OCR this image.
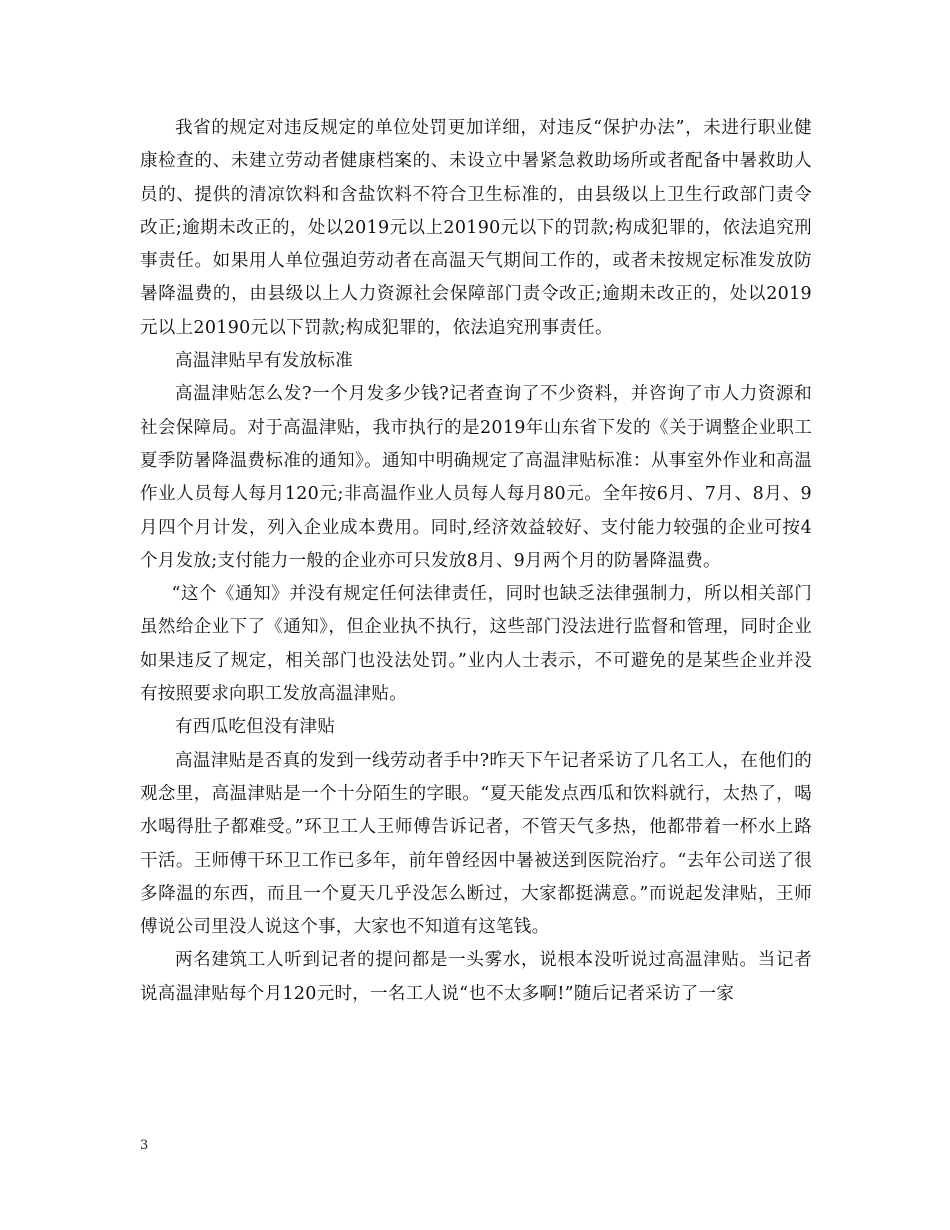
我省的规定对违反规定的单位处罚更加详细，对违反“保护办法”，未进行职业健康检查的、未建立劳动者健康档案的、未设立中暑紧急救助场所或者配备中暑救助人员的、提供的清凉饮料和含盐饮料不符合卫生标准的，由县级以上卫生行政部门责令改正;逾期未改正的，处以2019元以上20190元以下的罚款;构成犯罪的，依法追究刑事责任。如果用人单位强迫劳动者在高温天气期间工作的，或者未按规定标准发放防暑降温费的，由县级以上人力资源社会保障部门责令改正;逾期未改正的，处以2019元以上20190元以下罚款;构成犯罪的，依法追究刑事责任。

高温津贴早有发放标准

高温津贴怎么发?一个月发多少钱?记者查询了不少资料，并咨询了市人力资源和社会保障局。对于高温津贴，我市执行的是2019年山东省下发的《关于调整企业职工夏季防暑降温费标准的通知》。通知中明确规定了高温津贴标准：从事室外作业和高温作业人员每人每月120元;非高温作业人员每人每月80元。全年按6月、7月、8月、9月四个月计发，列入企业成本费用。同时,经济效益较好、支付能力较强的企业可按4个月发放;支付能力一般的企业亦可只发放8月、9月两个月的防暑降温费。

“这个《通知》并没有规定任何法律责任，同时也缺乏法律强制力，所以相关部门虽然给企业下了《通知》，但企业执不执行，这些部门没法进行监督和管理，同时企业如果违反了规定，相关部门也没法处罚。”业内人士表示，不可避免的是某些企业并没有按照要求向职工发放高温津贴。

有西瓜吃但没有津贴

高温津贴是否真的发到一线劳动者手中?昨天下午记者采访了几名工人，在他们的观念里，高温津贴是一个十分陌生的字眼。“夏天能发点西瓜和饮料就行，太热了，喝水喝得肚子都难受。”环卫工人王师傅告诉记者，不管天气多热，他都带着一杯水上路干活。王师傅干环卫工作已多年，前年曾经因中暑被送到医院治疗。“去年公司送了很多降温的东西，而且一个夏天几乎没怎么断过，大家都挺满意。”而说起发津贴，王师傅说公司里没人说这个事，大家也不知道有这笔钱。

两名建筑工人听到记者的提问都是一头雾水，说根本没听说过高温津贴。当记者说高温津贴每个月120元时，一名工人说“也不太多啊!”随后记者采访了一家

3
